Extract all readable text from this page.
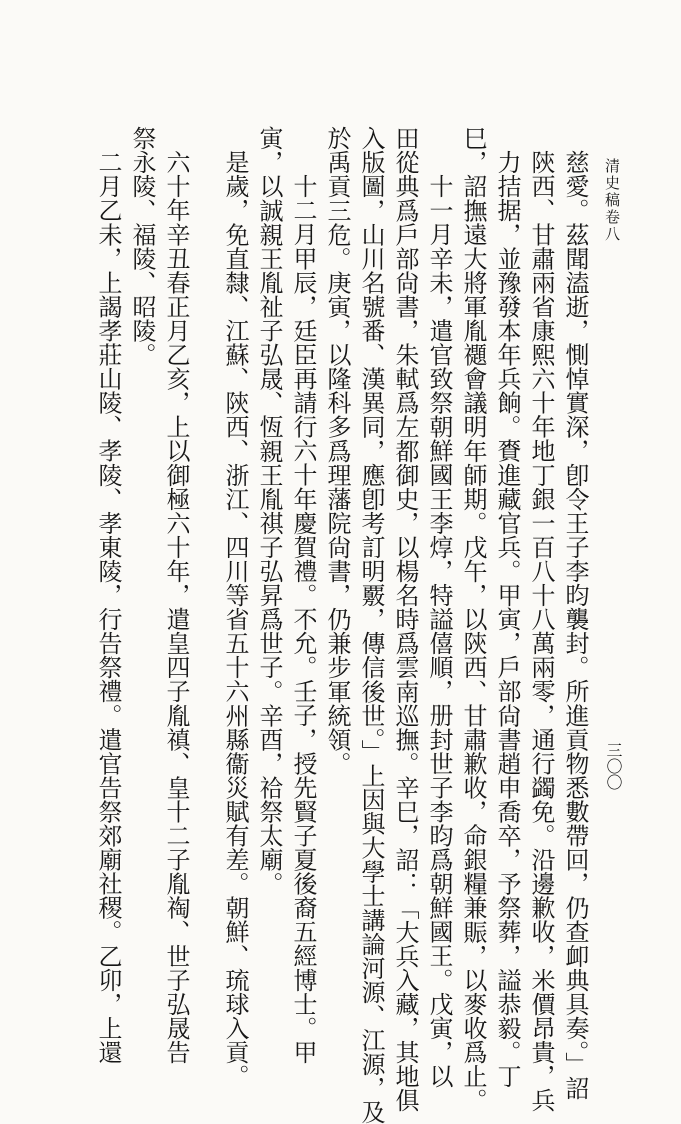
清史稿卷八
三〇〇
慈愛。茲聞溘逝，惻悼實深，卽令王子李昀襲封。所進貢物悉數帶回，仍查卹典具奏。」詔
陝西、甘肅兩省康熙六十年地丁銀一百八十八萬兩零，通行蠲免。沿邊歉收，米價昂貴，兵
力拮据，並豫發本年兵餉。賚進藏官兵。甲寅，戶部尙書趙申喬卒，予祭葬，謚恭毅。丁
巳，詔撫遠大將軍胤禵會議明年師期。戊午，以陝西、甘肅歉收，命銀糧兼賑，以麥收爲止。
十一月辛未，遣官致祭朝鮮國王李焞，特謚僖順，册封世子李昀爲朝鮮國王。戊寅，以
田從典爲戶部尙書，朱軾爲左都御史，以楊名時爲雲南巡撫。辛巳，詔：「大兵入藏，其地俱
入版圖，山川名號番、漢異同，應卽考訂明覈，傳信後世。」上因與大學士講論河源、江源，及
於禹貢三危。庚寅，以隆科多爲理藩院尙書，仍兼步軍統領。
十二月甲辰，廷臣再請行六十年慶賀禮。不允。壬子，授先賢子夏後裔五經博士。甲
寅，以誠親王胤祉子弘晟、恆親王胤祺子弘昇爲世子。辛酉，祫祭太廟。
是歲，免直隸、江蘇、陝西、浙江、四川等省五十六州縣衞災賦有差。朝鮮、琉球入貢。
六十年辛丑春正月乙亥，上以御極六十年，遣皇四子胤禛、皇十二子胤祹、世子弘晟告
祭永陵、福陵、昭陵。
二月乙未，上謁孝莊山陵、孝陵、孝東陵，行告祭禮。遣官告祭郊廟社稷。乙卯，上還
